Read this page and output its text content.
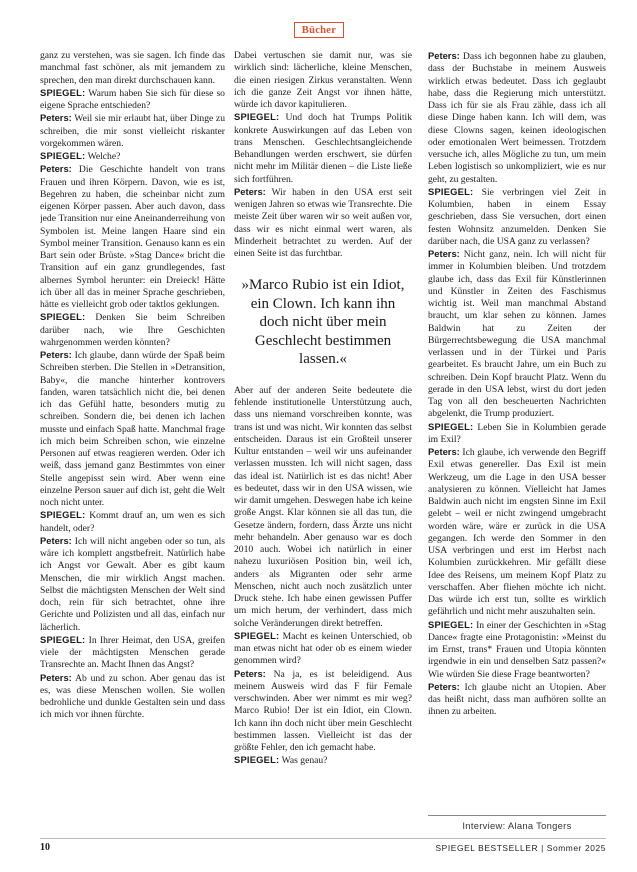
Bücher

ganz zu verstehen, was sie sagen. Ich finde das manchmal fast schöner, als mit jemandem zu sprechen, den man direkt durchschauen kann.

SPIEGEL: Warum haben Sie sich für diese so eigene Sprache entschieden?

Peters: Weil sie mir erlaubt hat, über Dinge zu schreiben, die mir sonst vielleicht riskanter vorgekommen wären.

SPIEGEL: Welche?

Peters: Die Geschichte handelt von trans Frauen und ihren Körpern. Davon, wie es ist, Begehren zu haben, die scheinbar nicht zum eigenen Körper passen. Aber auch davon, dass jede Transition nur eine Aneinanderreihung von Symbolen ist. Meine langen Haare sind ein Symbol meiner Transition. Genauso kann es ein Bart sein oder Brüste. »Stag Dance« bricht die Transition auf ein ganz grundlegendes, fast albernes Symbol herunter: ein Dreieck! Hätte ich über all das in meiner Sprache geschrieben, hätte es vielleicht grob oder taktlos geklungen.

SPIEGEL: Denken Sie beim Schreiben darüber nach, wie Ihre Geschichten wahrgenommen werden könnten?

Peters: Ich glaube, dann würde der Spaß beim Schreiben sterben. Die Stellen in »Detransition, Baby«, die manche hinterher kontrovers fanden, waren tatsächlich nicht die, bei denen ich das Gefühl hatte, besonders mutig zu schreiben. Sondern die, bei denen ich lachen musste und einfach Spaß hatte. Manchmal frage ich mich beim Schreiben schon, wie einzelne Personen auf etwas reagieren werden. Oder ich weiß, dass jemand ganz Bestimmtes von einer Stelle angepisst sein wird. Aber wenn eine einzelne Person sauer auf dich ist, geht die Welt noch nicht unter.

SPIEGEL: Kommt drauf an, um wen es sich handelt, oder?

Peters: Ich will nicht angeben oder so tun, als wäre ich komplett angstbefreit. Natürlich habe ich Angst vor Gewalt. Aber es gibt kaum Menschen, die mir wirklich Angst machen. Selbst die mächtigsten Menschen der Welt sind doch, rein für sich betrachtet, ohne ihre Gerichte und Polizisten und all das, einfach nur lächerlich.

SPIEGEL: In Ihrer Heimat, den USA, greifen viele der mächtigsten Menschen gerade Transrechte an. Macht Ihnen das Angst?

Peters: Ab und zu schon. Aber genau das ist es, was diese Menschen wollen. Sie wollen bedrohliche und dunkle Gestalten sein und dass ich mich vor ihnen fürchte.

Dabei vertuschen sie damit nur, was sie wirklich sind: lächerliche, kleine Menschen, die einen riesigen Zirkus veranstalten. Wenn ich die ganze Zeit Angst vor ihnen hätte, würde ich davor kapitulieren.

SPIEGEL: Und doch hat Trumps Politik konkrete Auswirkungen auf das Leben von trans Menschen. Geschlechtsangleichende Behandlungen werden erschwert, sie dürfen nicht mehr im Militär dienen – die Liste ließe sich fortführen.

Peters: Wir haben in den USA erst seit wenigen Jahren so etwas wie Transrechte. Die meiste Zeit über waren wir so weit außen vor, dass wir es nicht einmal wert waren, als Minderheit betrachtet zu werden. Auf der einen Seite ist das furchtbar.

»Marco Rubio ist ein Idiot, ein Clown. Ich kann ihn doch nicht über mein Geschlecht bestimmen lassen.«

Aber auf der anderen Seite bedeutete die fehlende institutionelle Unterstützung auch, dass uns niemand vorschreiben konnte, was trans ist und was nicht. Wir konnten das selbst entscheiden. Daraus ist ein Großteil unserer Kultur entstanden – weil wir uns aufeinander verlassen mussten. Ich will nicht sagen, dass das ideal ist. Natürlich ist es das nicht! Aber es bedeutet, dass wir in den USA wissen, wie wir damit umgehen. Deswegen habe ich keine große Angst. Klar können sie all das tun, die Gesetze ändern, fordern, dass Ärzte uns nicht mehr behandeln. Aber genauso war es doch 2010 auch. Wobei ich natürlich in einer nahezu luxuriösen Position bin, weil ich, anders als Migranten oder sehr arme Menschen, nicht auch noch zusätzlich unter Druck stehe. Ich habe einen gewissen Puffer um mich herum, der verhindert, dass mich solche Veränderungen direkt betreffen.

SPIEGEL: Macht es keinen Unterschied, ob man etwas nicht hat oder ob es einem wieder genommen wird?

Peters: Na ja, es ist beleidigend. Aus meinem Ausweis wird das F für Female verschwinden. Aber wer nimmt es mir weg? Marco Rubio! Der ist ein Idiot, ein Clown. Ich kann ihn doch nicht über mein Geschlecht bestimmen lassen. Vielleicht ist das der größte Fehler, den ich gemacht habe.

SPIEGEL: Was genau?

Peters: Dass ich begonnen habe zu glauben, dass der Buchstabe in meinem Ausweis wirklich etwas bedeutet. Dass ich geglaubt habe, dass die Regierung mich unterstützt. Dass ich für sie als Frau zähle, dass ich all diese Dinge haben kann. Ich will dem, was diese Clowns sagen, keinen ideologischen oder emotionalen Wert beimessen. Trotzdem versuche ich, alles Mögliche zu tun, um mein Leben logistisch so unkompliziert, wie es nur geht, zu gestalten.

SPIEGEL: Sie verbringen viel Zeit in Kolumbien, haben in einem Essay geschrieben, dass Sie versuchen, dort einen festen Wohnsitz anzumelden. Denken Sie darüber nach, die USA ganz zu verlassen?

Peters: Nicht ganz, nein. Ich will nicht für immer in Kolumbien bleiben. Und trotzdem glaube ich, dass das Exil für Künstlerinnen und Künstler in Zeiten des Faschismus wichtig ist. Weil man manchmal Abstand braucht, um klar sehen zu können. James Baldwin hat zu Zeiten der Bürgerrechtsbewegung die USA manchmal verlassen und in der Türkei und Paris gearbeitet. Es braucht Jahre, um ein Buch zu schreiben. Dein Kopf braucht Platz. Wenn du gerade in den USA lebst, wirst du dort jeden Tag von all den bescheuerten Nachrichten abgelenkt, die Trump produziert.

SPIEGEL: Leben Sie in Kolumbien gerade im Exil?

Peters: Ich glaube, ich verwende den Begriff Exil etwas genereller. Das Exil ist mein Werkzeug, um die Lage in den USA besser analysieren zu können. Vielleicht hat James Baldwin auch nicht im engsten Sinne im Exil gelebt – weil er nicht zwingend umgebracht worden wäre, wäre er zurück in die USA gegangen. Ich werde den Sommer in den USA verbringen und erst im Herbst nach Kolumbien zurückkehren. Mir gefällt diese Idee des Reisens, um meinem Kopf Platz zu verschaffen. Aber fliehen möchte ich nicht. Das würde ich erst tun, sollte es wirklich gefährlich und nicht mehr auszuhalten sein.

SPIEGEL: In einer der Geschichten in »Stag Dance« fragte eine Protagonistin: »Meinst du im Ernst, trans* Frauen und Utopia könnten irgendwie in ein und denselben Satz passen?« Wie würden Sie diese Frage beantworten?

Peters: Ich glaube nicht an Utopien. Aber das heißt nicht, dass man aufhören sollte an ihnen zu arbeiten.

Interview: Alana Tongers
10	SPIEGEL BESTSELLER | Sommer 2025
